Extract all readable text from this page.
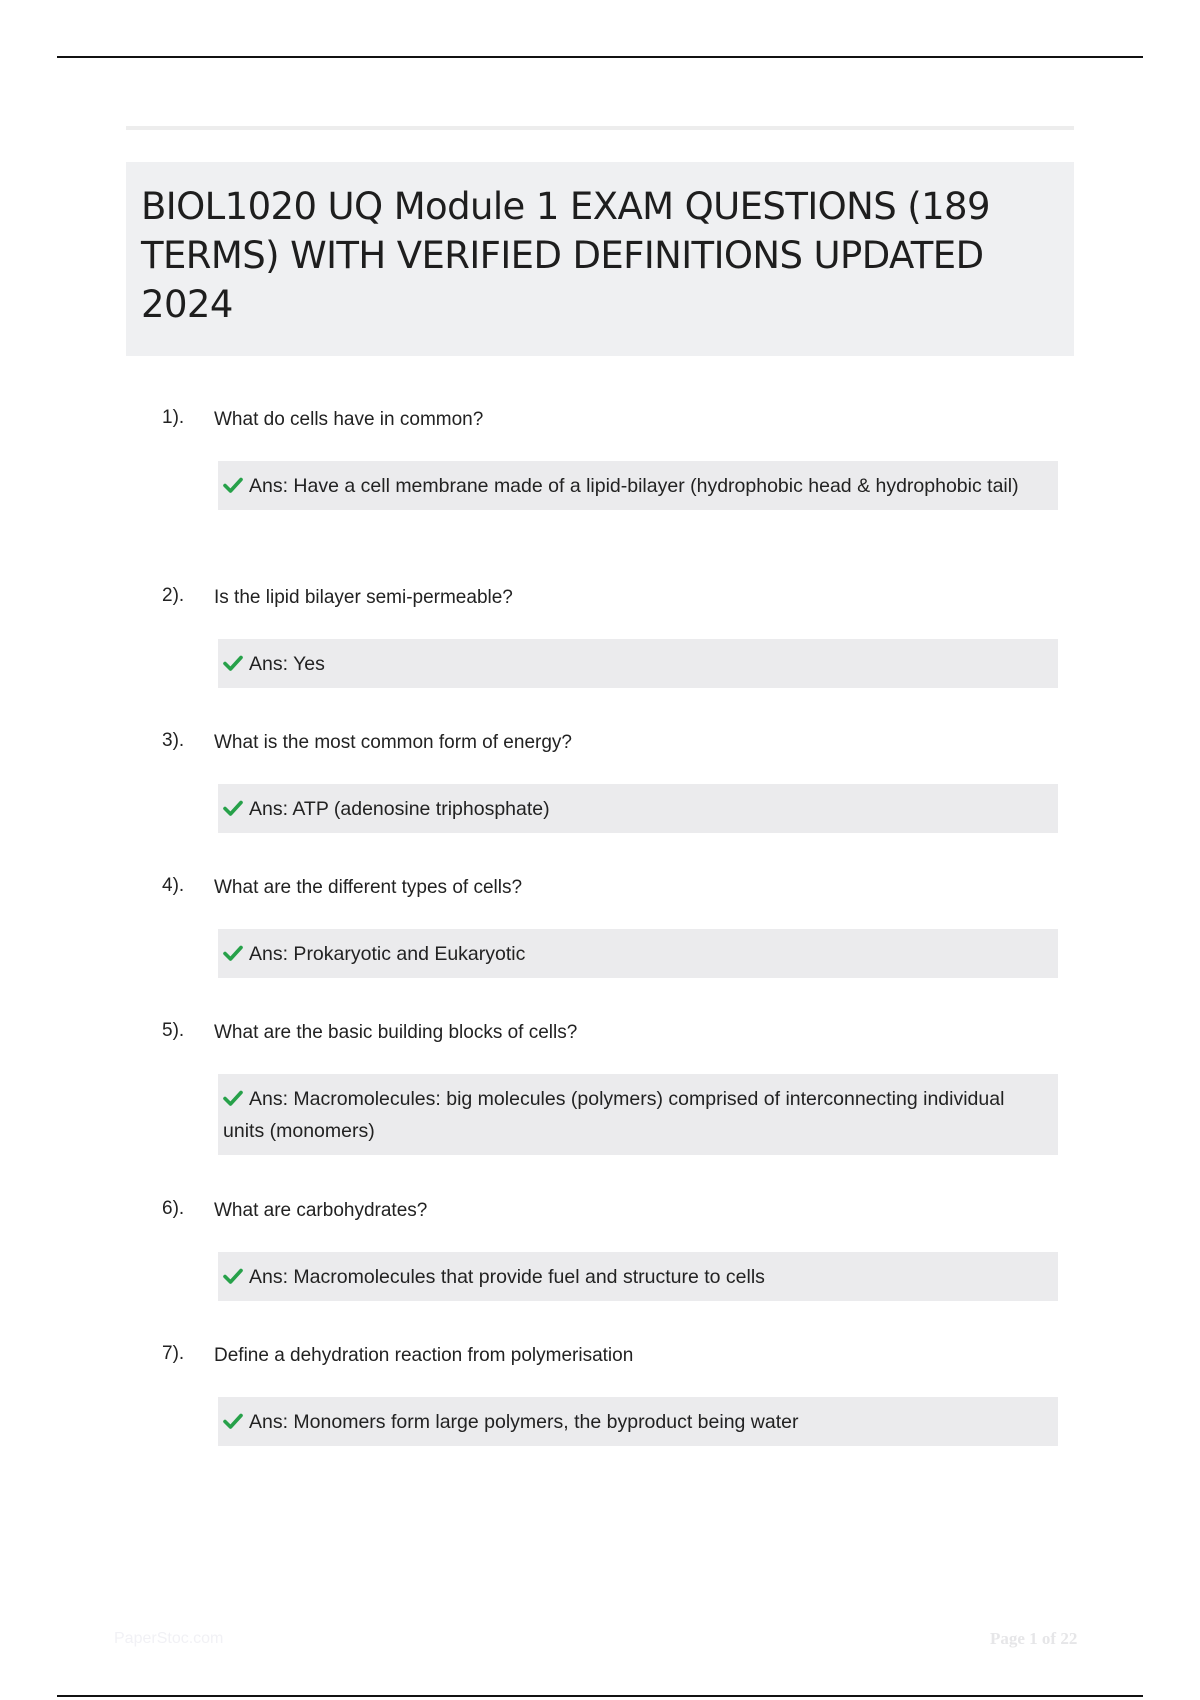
BIOL1020 UQ Module 1 EXAM QUESTIONS (189 TERMS) WITH VERIFIED DEFINITIONS UPDATED 2024
1). What do cells have in common?
Ans: Have a cell membrane made of a lipid-bilayer (hydrophobic head & hydrophobic tail)
2). Is the lipid bilayer semi-permeable?
Ans: Yes
3). What is the most common form of energy?
Ans: ATP (adenosine triphosphate)
4). What are the different types of cells?
Ans: Prokaryotic and Eukaryotic
5). What are the basic building blocks of cells?
Ans: Macromolecules: big molecules (polymers) comprised of interconnecting individual units (monomers)
6). What are carbohydrates?
Ans: Macromolecules that provide fuel and structure to cells
7). Define a dehydration reaction from polymerisation
Ans: Monomers form large polymers, the byproduct being water
PaperStoc.com	Page 1 of 22
